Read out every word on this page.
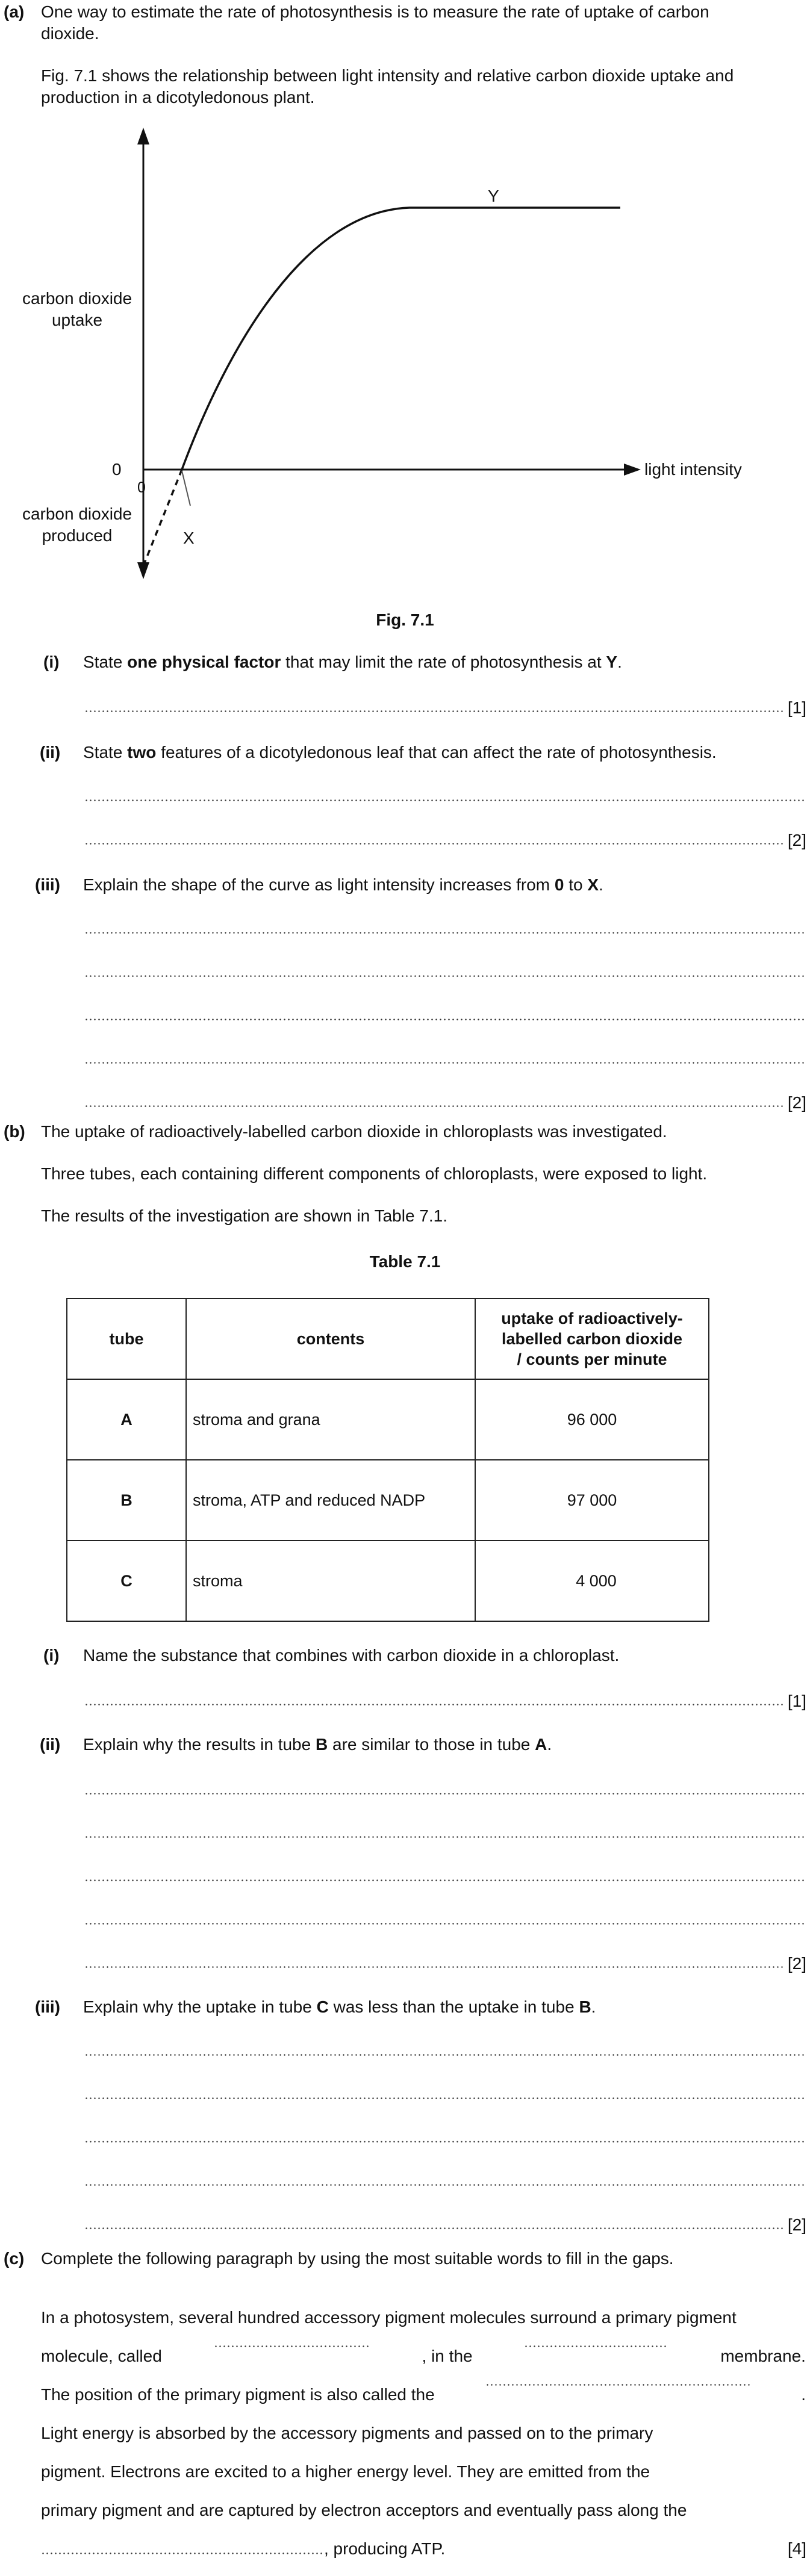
(a) One way to estimate the rate of photosynthesis is to measure the rate of uptake of carbon
dioxide.
Fig. 7.1 shows the relationship between light intensity and relative carbon dioxide uptake and
production in a dicotyledonous plant.
carbon dioxide
uptake
carbon dioxide
produced
light intensity
0
0
X
Y
Fig. 7.1
(i) State one physical factor that may limit the rate of photosynthesis at Y.
[1]
(ii) State two features of a dicotyledonous leaf that can affect the rate of photosynthesis.
[2]
(iii) Explain the shape of the curve as light intensity increases from 0 to X.
[2]
(b) The uptake of radioactively-labelled carbon dioxide in chloroplasts was investigated.
Three tubes, each containing different components of chloroplasts, were exposed to light.
The results of the investigation are shown in Table 7.1.
Table 7.1
tube	contents	uptake of radioactively-
labelled carbon dioxide
/ counts per minute

A	stroma and grana	96 000
B	stroma, ATP and reduced NADP	97 000
C	stroma	4 000
(i) Name the substance that combines with carbon dioxide in a chloroplast.
[1]
(ii) Explain why the results in tube B are similar to those in tube A.
[2]
(iii) Explain why the uptake in tube C was less than the uptake in tube B.
[2]
(c) Complete the following paragraph by using the most suitable words to fill in the gaps.
In a photosystem, several hundred accessory pigment molecules surround a primary pigment
molecule, called	, in the	membrane.
The position of the primary pigment is also called the	.
Light energy is absorbed by the accessory pigments and passed on to the primary
pigment. Electrons are excited to a higher energy level. They are emitted from the
primary pigment and are captured by electron acceptors and eventually pass along the
, producing ATP.	[4]
